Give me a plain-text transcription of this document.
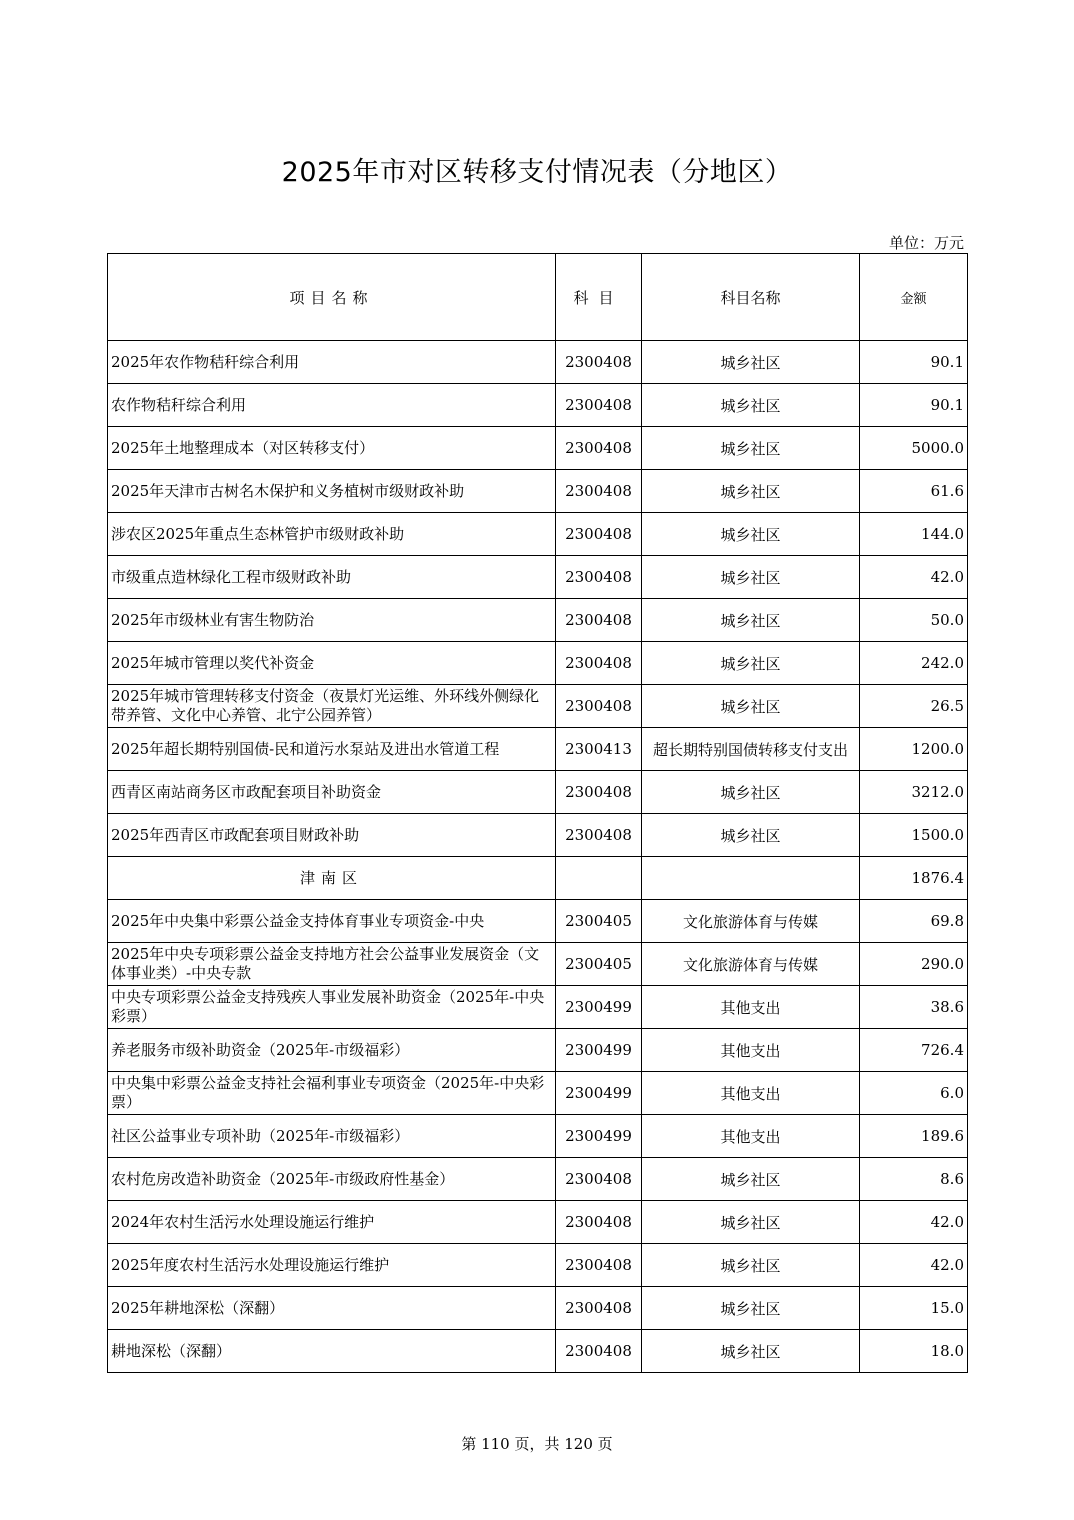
2025年市对区转移支付情况表（分地区）
单位：万元
项目名称	科目	科目名称	金额
2025年农作物秸秆综合利用	2300408	城乡社区	90.1
农作物秸秆综合利用	2300408	城乡社区	90.1
2025年土地整理成本（对区转移支付）	2300408	城乡社区	5000.0
2025年天津市古树名木保护和义务植树市级财政补助	2300408	城乡社区	61.6
涉农区2025年重点生态林管护市级财政补助	2300408	城乡社区	144.0
市级重点造林绿化工程市级财政补助	2300408	城乡社区	42.0
2025年市级林业有害生物防治	2300408	城乡社区	50.0
2025年城市管理以奖代补资金	2300408	城乡社区	242.0
2025年城市管理转移支付资金（夜景灯光运维、外环线外侧绿化带养管、文化中心养管、北宁公园养管）	2300408	城乡社区	26.5
2025年超长期特别国债-民和道污水泵站及进出水管道工程	2300413	超长期特别国债转移支付支出	1200.0
西青区南站商务区市政配套项目补助资金	2300408	城乡社区	3212.0
2025年西青区市政配套项目财政补助	2300408	城乡社区	1500.0
津南区			1876.4
2025年中央集中彩票公益金支持体育事业专项资金-中央	2300405	文化旅游体育与传媒	69.8
2025年中央专项彩票公益金支持地方社会公益事业发展资金（文体事业类）-中央专款	2300405	文化旅游体育与传媒	290.0
中央专项彩票公益金支持残疾人事业发展补助资金（2025年-中央彩票）	2300499	其他支出	38.6
养老服务市级补助资金（2025年-市级福彩）	2300499	其他支出	726.4
中央集中彩票公益金支持社会福利事业专项资金（2025年-中央彩票）	2300499	其他支出	6.0
社区公益事业专项补助（2025年-市级福彩）	2300499	其他支出	189.6
农村危房改造补助资金（2025年-市级政府性基金）	2300408	城乡社区	8.6
2024年农村生活污水处理设施运行维护	2300408	城乡社区	42.0
2025年度农村生活污水处理设施运行维护	2300408	城乡社区	42.0
2025年耕地深松（深翻）	2300408	城乡社区	15.0
耕地深松（深翻）	2300408	城乡社区	18.0
第 110 页，共 120 页
